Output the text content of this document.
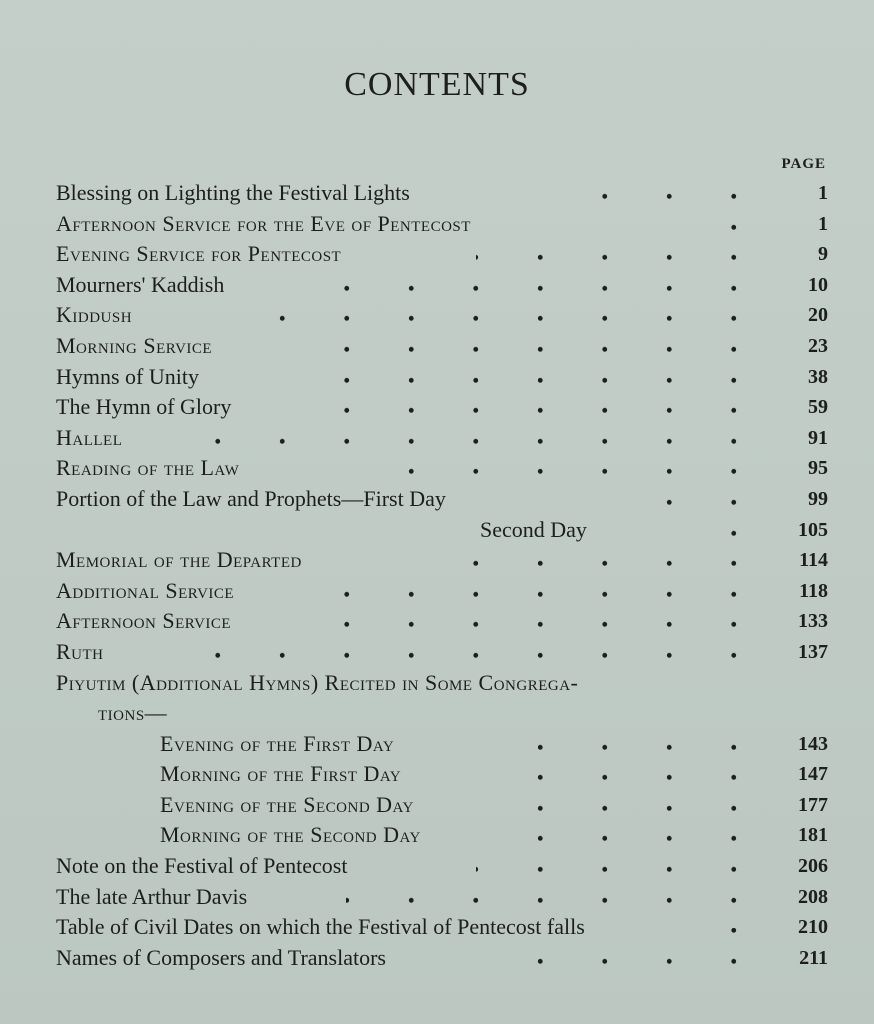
CONTENTS
PAGE
Blessing on Lighting the Festival Lights	1
Afternoon Service for the Eve of Pentecost	1
Evening Service for Pentecost	9
Mourners' Kaddish	10
Kiddush	20
Morning Service	23
Hymns of Unity	38
The Hymn of Glory	59
Hallel	91
Reading of the Law	95
Portion of the Law and Prophets—First Day	99
Second Day	105
Memorial of the Departed	114
Additional Service	118
Afternoon Service	133
Ruth	137
Piyutim (Additional Hymns) Recited in Some Congrega-
tions—
Evening of the First Day	143
Morning of the First Day	147
Evening of the Second Day	177
Morning of the Second Day	181
Note on the Festival of Pentecost	206
The late Arthur Davis	208
Table of Civil Dates on which the Festival of Pentecost falls	210
Names of Composers and Translators	211
